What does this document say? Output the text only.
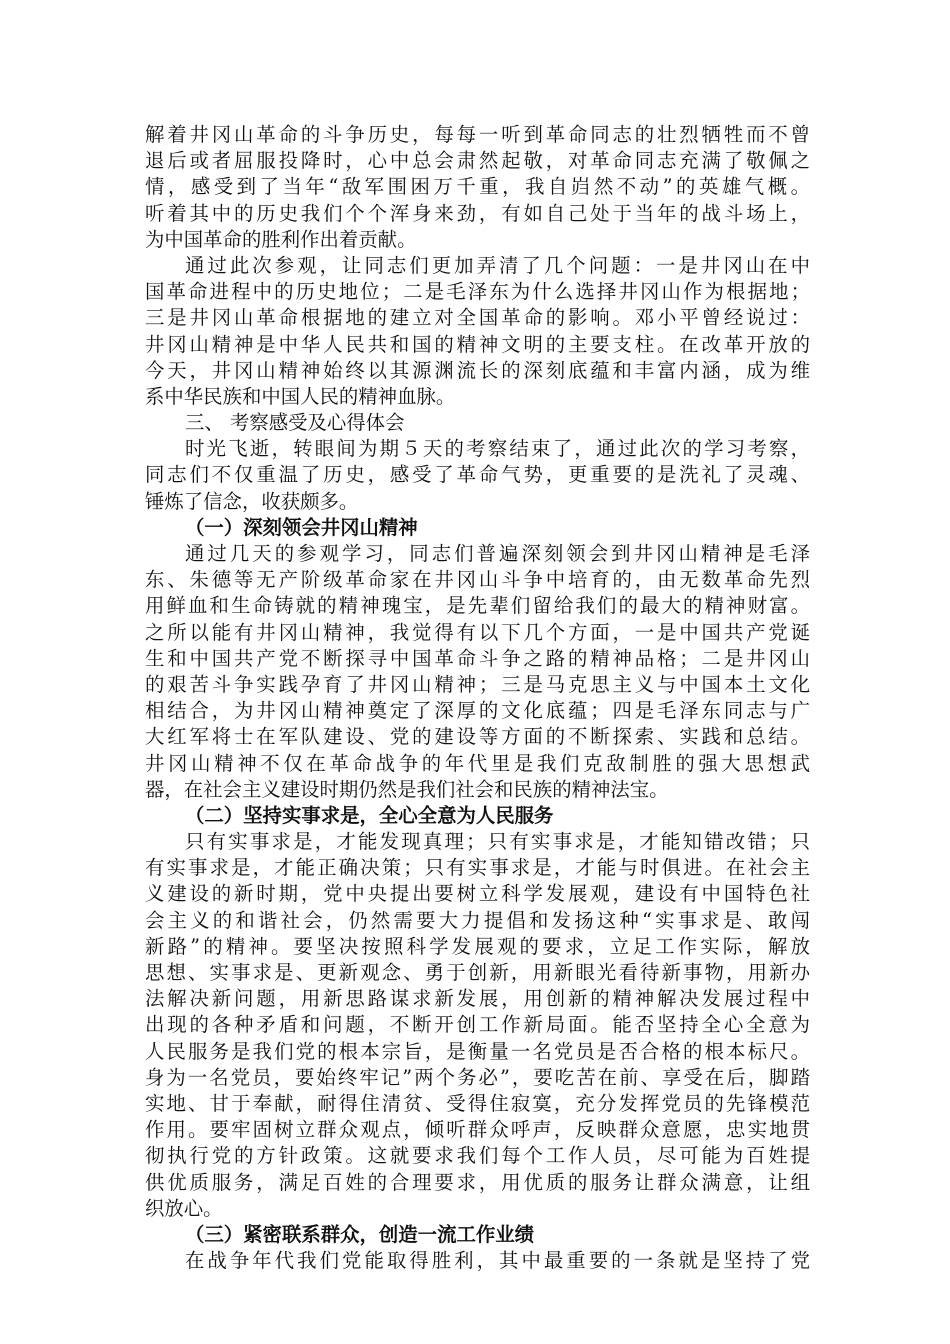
解着井冈山革命的斗争历史，每每一听到革命同志的壮烈牺牲而不曾
退后或者屈服投降时，心中总会肃然起敬，对革命同志充满了敬佩之
情，感受到了当年“敌军围困万千重，我自岿然不动”的英雄气概。
听着其中的历史我们个个浑身来劲，有如自己处于当年的战斗场上，
为中国革命的胜利作出着贡献。
通过此次参观，让同志们更加弄清了几个问题：一是井冈山在中
国革命进程中的历史地位；二是毛泽东为什么选择井冈山作为根据地；
三是井冈山革命根据地的建立对全国革命的影响。邓小平曾经说过：
井冈山精神是中华人民共和国的精神文明的主要支柱。在改革开放的
今天，井冈山精神始终以其源渊流长的深刻底蕴和丰富内涵，成为维
系中华民族和中国人民的精神血脉。
三、 考察感受及心得体会
时光飞逝，转眼间为期５天的考察结束了，通过此次的学习考察，
同志们不仅重温了历史，感受了革命气势，更重要的是洗礼了灵魂、
锤炼了信念，收获颇多。
（一）深刻领会井冈山精神
通过几天的参观学习，同志们普遍深刻领会到井冈山精神是毛泽
东、朱德等无产阶级革命家在井冈山斗争中培育的，由无数革命先烈
用鲜血和生命铸就的精神瑰宝，是先辈们留给我们的最大的精神财富。
之所以能有井冈山精神，我觉得有以下几个方面，一是中国共产党诞
生和中国共产党不断探寻中国革命斗争之路的精神品格；二是井冈山
的艰苦斗争实践孕育了井冈山精神；三是马克思主义与中国本土文化
相结合，为井冈山精神奠定了深厚的文化底蕴；四是毛泽东同志与广
大红军将士在军队建设、党的建设等方面的不断探索、实践和总结。
井冈山精神不仅在革命战争的年代里是我们克敌制胜的强大思想武
器，在社会主义建设时期仍然是我们社会和民族的精神法宝。
（二）坚持实事求是，全心全意为人民服务
只有实事求是，才能发现真理；只有实事求是，才能知错改错；只
有实事求是，才能正确决策；只有实事求是，才能与时俱进。在社会主
义建设的新时期，党中央提出要树立科学发展观，建设有中国特色社
会主义的和谐社会，仍然需要大力提倡和发扬这种“实事求是、敢闯
新路”的精神。要坚决按照科学发展观的要求，立足工作实际，解放
思想、实事求是、更新观念、勇于创新，用新眼光看待新事物，用新办
法解决新问题，用新思路谋求新发展，用创新的精神解决发展过程中
出现的各种矛盾和问题，不断开创工作新局面。能否坚持全心全意为
人民服务是我们党的根本宗旨，是衡量一名党员是否合格的根本标尺。
身为一名党员，要始终牢记”两个务必”，要吃苦在前、享受在后，脚踏
实地、甘于奉献，耐得住清贫、受得住寂寞，充分发挥党员的先锋模范
作用。要牢固树立群众观点，倾听群众呼声，反映群众意愿，忠实地贯
彻执行党的方针政策。这就要求我们每个工作人员，尽可能为百姓提
供优质服务，满足百姓的合理要求，用优质的服务让群众满意，让组
织放心。
（三）紧密联系群众，创造一流工作业绩
在战争年代我们党能取得胜利，其中最重要的一条就是坚持了党
